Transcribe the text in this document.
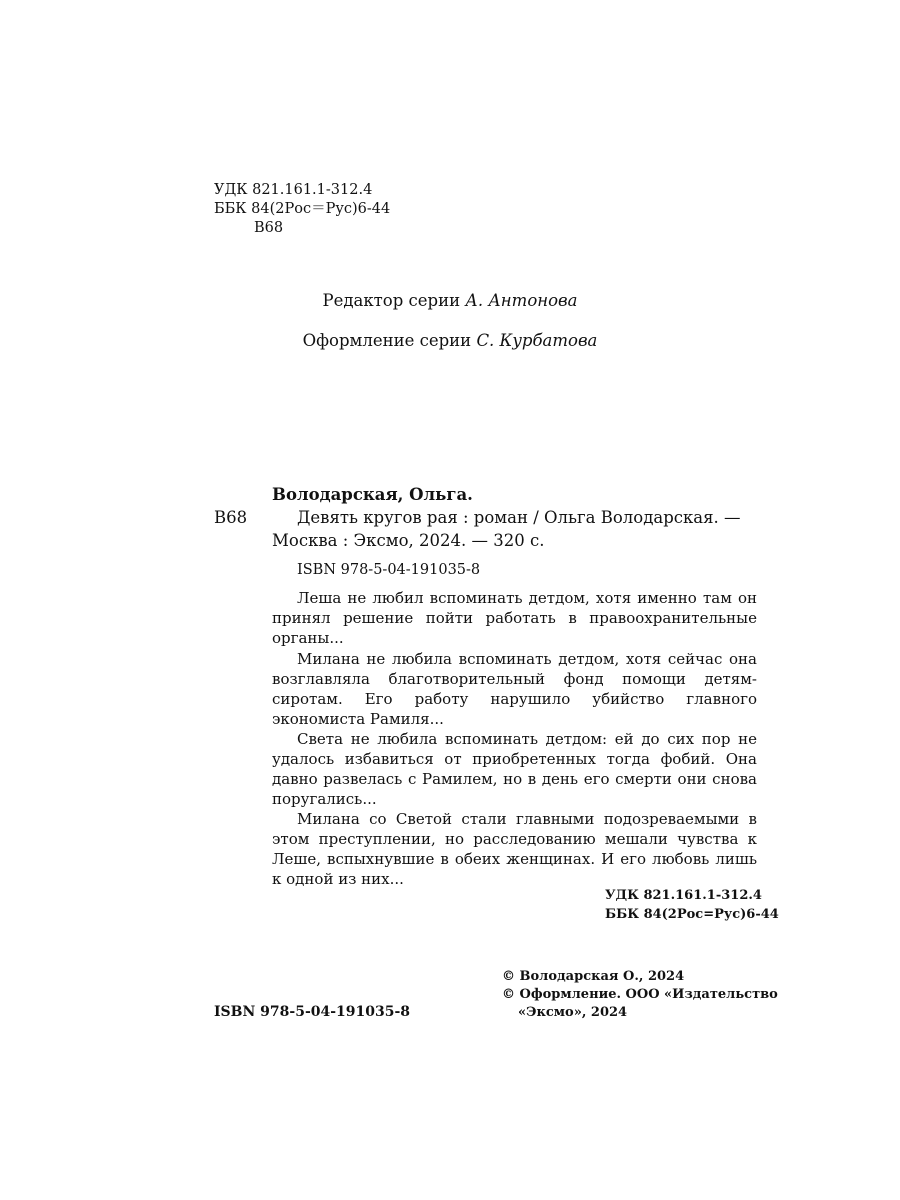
УДК 821.161.1-312.4
ББК 84(2Рос＝Рус)6-44
В68
Редактор серии А. Антонова
Оформление серии С. Курбатова
Володарская, Ольга.
В68	Девять кругов рая : роман / Ольга Володарская. —
Москва : Эксмо, 2024. — 320 с.
ISBN 978-5-04-191035-8

Леша не любил вспоминать детдом, хотя именно там он принял решение пойти работать в правоохранительные органы...

Милана не любила вспоминать детдом, хотя сейчас она возглавляла благотворительный фонд помощи детям-сиротам. Его работу нарушило убийство главного экономиста Рамиля...

Света не любила вспоминать детдом: ей до сих пор не удалось избавиться от приобретенных тогда фобий. Она давно развелась с Рамилем, но в день его смерти они снова поругались...

Милана со Светой стали главными подозреваемыми в этом преступлении, но расследованию мешали чувства к Леше, вспыхнувшие в обеих женщинах. И его любовь лишь к одной из них...

УДК 821.161.1-312.4
ББК 84(2Рос=Рус)6-44
© Володарская О., 2024
© Оформление. ООО «Издательство
«Эксмо», 2024
ISBN 978-5-04-191035-8
